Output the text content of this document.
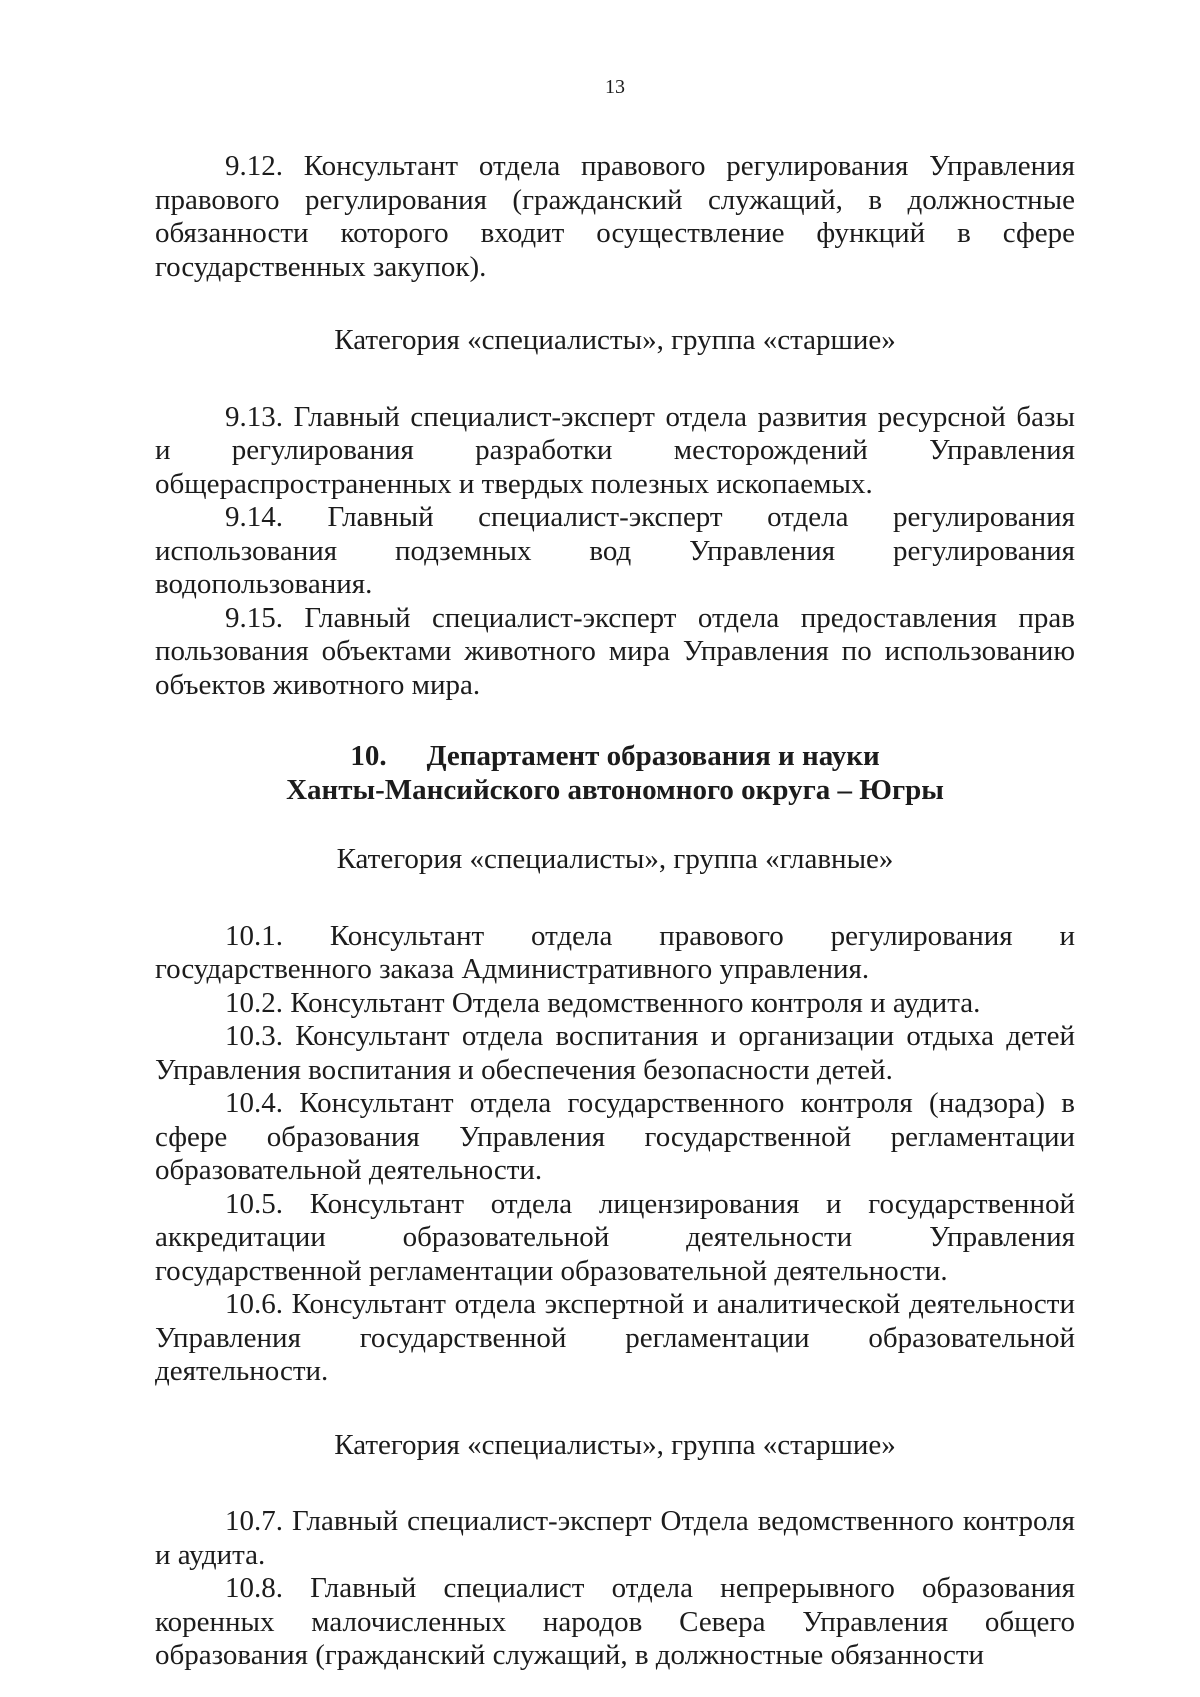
13

9.12. Консультант отдела правового регулирования Управления правового регулирования (гражданский служащий, в должностные обязанности которого входит осуществление функций в сфере государственных закупок).

Категория «специалисты», группа «старшие»

9.13. Главный специалист-эксперт отдела развития ресурсной базы и регулирования разработки месторождений Управления общераспространенных и твердых полезных ископаемых.

9.14. Главный специалист-эксперт отдела регулирования использования подземных вод Управления регулирования водопользования.

9.15. Главный специалист-эксперт отдела предоставления прав пользования объектами животного мира Управления по использованию объектов животного мира.

10. Департамент образования и науки

Ханты-Мансийского автономного округа – Югры

Категория «специалисты», группа «главные»

10.1. Консультант отдела правового регулирования и государственного заказа Административного управления.

10.2. Консультант Отдела ведомственного контроля и аудита.

10.3. Консультант отдела воспитания и организации отдыха детей Управления воспитания и обеспечения безопасности детей.

10.4. Консультант отдела государственного контроля (надзора) в сфере образования Управления государственной регламентации образовательной деятельности.

10.5. Консультант отдела лицензирования и государственной аккредитации образовательной деятельности Управления государственной регламентации образовательной деятельности.

10.6. Консультант отдела экспертной и аналитической деятельности Управления государственной регламентации образовательной деятельности.

Категория «специалисты», группа «старшие»

10.7. Главный специалист-эксперт Отдела ведомственного контроля и аудита.

10.8. Главный специалист отдела непрерывного образования коренных малочисленных народов Севера Управления общего образования (гражданский служащий, в должностные обязанности
